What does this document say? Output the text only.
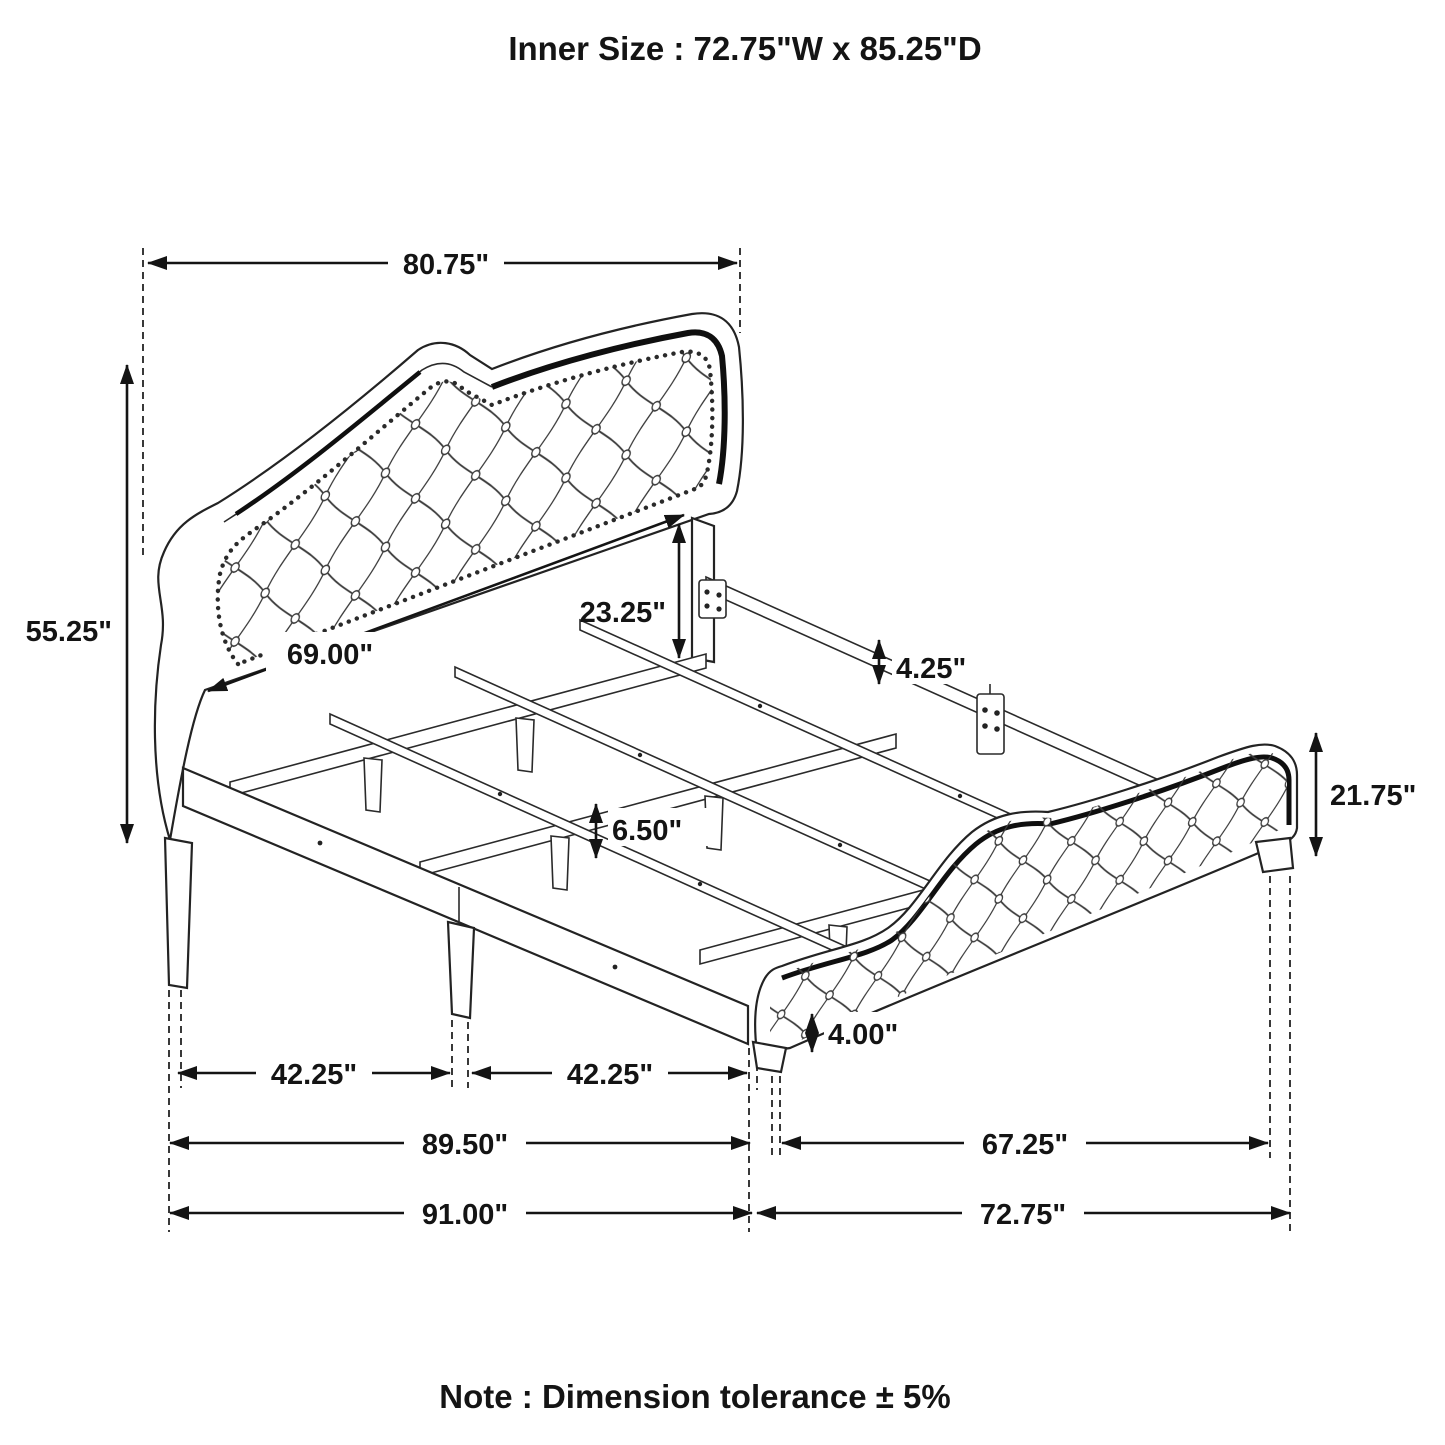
80.75"
55.25"
69.00"
23.25"
4.25"
6.50"
21.75"
4.00"
42.25"	42.25"
89.50"	67.25"
91.00"	72.75"
Inner Size : 72.75"W x 85.25"D
Note : Dimension tolerance ± 5%
